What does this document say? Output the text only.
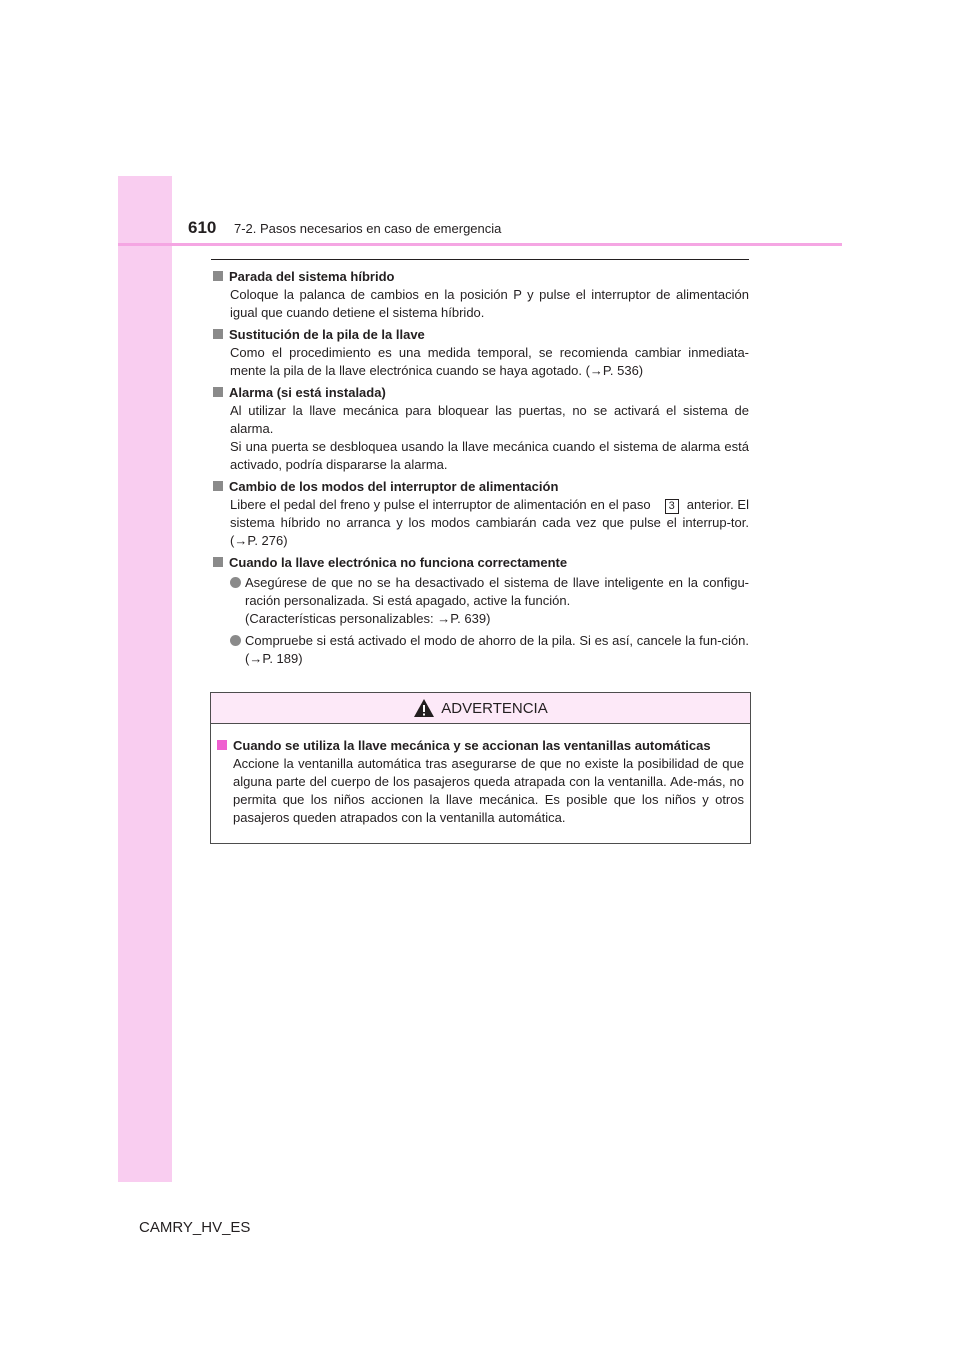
610 7-2. Pasos necesarios en caso de emergencia
Parada del sistema híbrido
Coloque la palanca de cambios en la posición P y pulse el interruptor de alimentación igual que cuando detiene el sistema híbrido.
Sustitución de la pila de la llave
Como el procedimiento es una medida temporal, se recomienda cambiar inmediata-mente la pila de la llave electrónica cuando se haya agotado. (→P. 536)
Alarma (si está instalada)
Al utilizar la llave mecánica para bloquear las puertas, no se activará el sistema de alarma.
Si una puerta se desbloquea usando la llave mecánica cuando el sistema de alarma está activado, podría dispararse la alarma.
Cambio de los modos del interruptor de alimentación
Libere el pedal del freno y pulse el interruptor de alimentación en el paso 3 anterior. El sistema híbrido no arranca y los modos cambiarán cada vez que pulse el interrup-tor. (→P. 276)
Cuando la llave electrónica no funciona correctamente
Asegúrese de que no se ha desactivado el sistema de llave inteligente en la configu-ración personalizada. Si está apagado, active la función.
(Características personalizables: →P. 639)
Compruebe si está activado el modo de ahorro de la pila. Si es así, cancele la fun-ción. (→P. 189)
ADVERTENCIA
Cuando se utiliza la llave mecánica y se accionan las ventanillas automáticas
Accione la ventanilla automática tras asegurarse de que no existe la posibilidad de que alguna parte del cuerpo de los pasajeros queda atrapada con la ventanilla. Ade-más, no permita que los niños accionen la llave mecánica. Es posible que los niños y otros pasajeros queden atrapados con la ventanilla automática.
CAMRY_HV_ES
